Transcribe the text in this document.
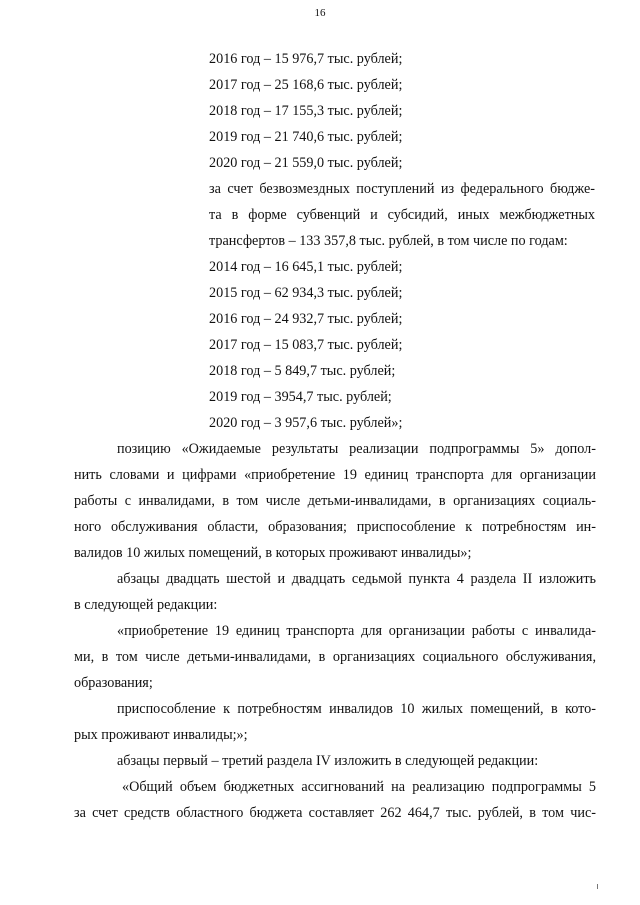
16
2016 год – 15 976,7 тыс. рублей;
2017 год – 25 168,6 тыс. рублей;
2018 год – 17 155,3 тыс. рублей;
2019 год – 21 740,6 тыс. рублей;
2020 год – 21 559,0 тыс. рублей;
за счет безвозмездных поступлений из федерального бюдже-
та в форме субвенций и субсидий, иных межбюджетных
трансфертов – 133 357,8 тыс. рублей, в том числе по годам:
2014 год – 16 645,1 тыс. рублей;
2015 год – 62 934,3 тыс. рублей;
2016 год – 24 932,7 тыс. рублей;
2017 год – 15 083,7 тыс. рублей;
2018 год – 5 849,7 тыс. рублей;
2019 год – 3954,7 тыс. рублей;
2020 год – 3 957,6 тыс. рублей»;
позицию «Ожидаемые результаты реализации подпрограммы 5» допол-
нить словами и цифрами «приобретение 19 единиц транспорта для организации
работы с инвалидами, в том числе детьми-инвалидами, в организациях социаль-
ного обслуживания области, образования; приспособление к потребностям ин-
валидов 10 жилых помещений, в которых проживают инвалиды»;
абзацы двадцать шестой и двадцать седьмой пункта 4 раздела II изложить
в следующей редакции:
«приобретение 19 единиц транспорта для организации работы с инвалида-
ми, в том числе детьми-инвалидами, в организациях социального обслуживания,
образования;
приспособление к потребностям инвалидов 10 жилых помещений, в кото-
рых проживают инвалиды;»;
абзацы первый – третий раздела IV изложить в следующей редакции:
«Общий объем бюджетных ассигнований на реализацию подпрограммы 5
за счет средств областного бюджета составляет 262 464,7 тыс. рублей, в том чис-
